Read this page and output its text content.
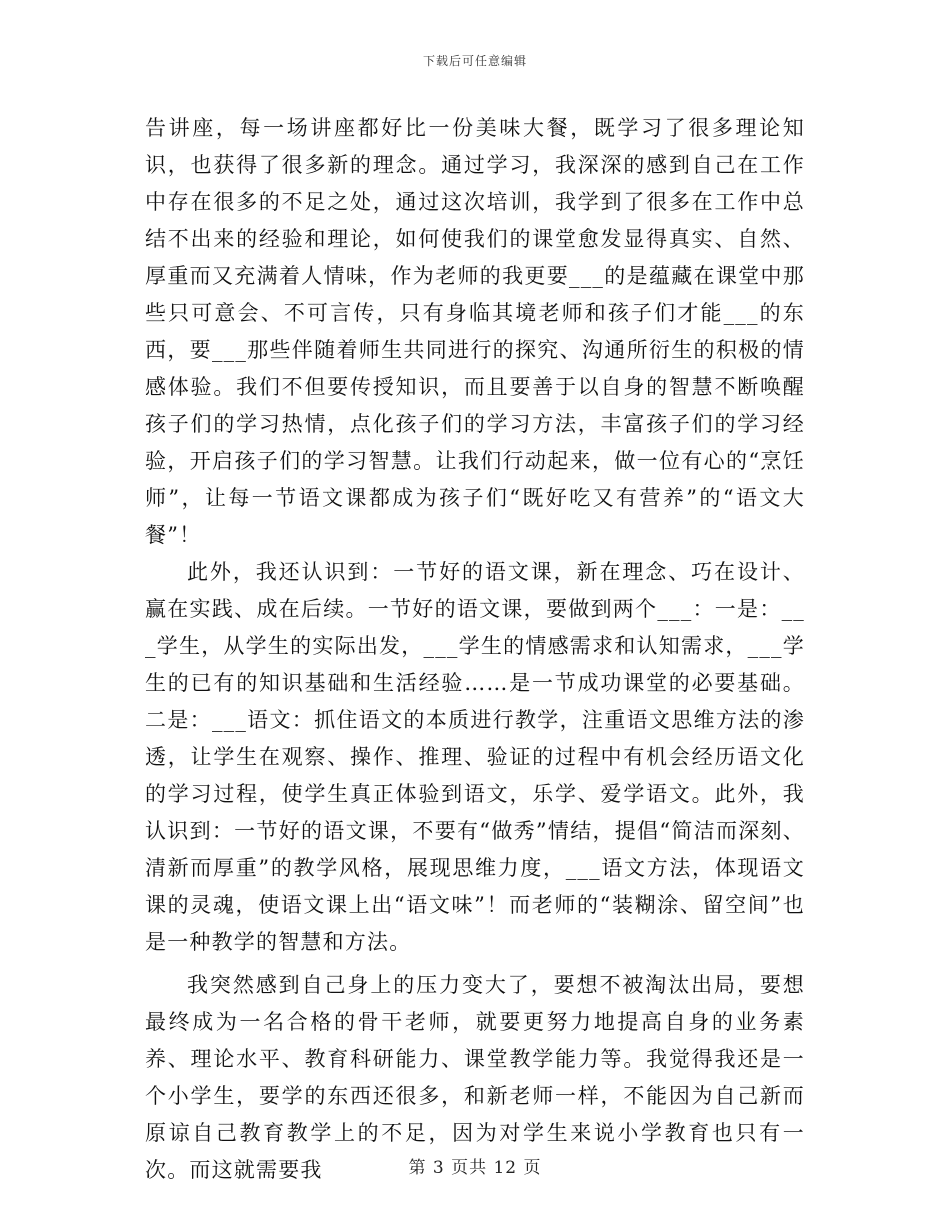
下载后可任意编辑

告讲座，每一场讲座都好比一份美味大餐，既学习了很多理论知识，也获得了很多新的理念。通过学习，我深深的感到自己在工作中存在很多的不足之处，通过这次培训，我学到了很多在工作中总结不出来的经验和理论，如何使我们的课堂愈发显得真实、自然、厚重而又充满着人情味，作为老师的我更要___的是蕴藏在课堂中那些只可意会、不可言传，只有身临其境老师和孩子们才能___的东西，要___那些伴随着师生共同进行的探究、沟通所衍生的积极的情感体验。我们不但要传授知识，而且要善于以自身的智慧不断唤醒孩子们的学习热情，点化孩子们的学习方法，丰富孩子们的学习经验，开启孩子们的学习智慧。让我们行动起来，做一位有心的“烹饪师”，让每一节语文课都成为孩子们“既好吃又有营养”的“语文大餐”！

此外，我还认识到：一节好的语文课，新在理念、巧在设计、赢在实践、成在后续。一节好的语文课，要做到两个___：一是：___学生，从学生的实际出发，___学生的情感需求和认知需求，___学生的已有的知识基础和生活经验……是一节成功课堂的必要基础。二是：___语文：抓住语文的本质进行教学，注重语文思维方法的渗透，让学生在观察、操作、推理、验证的过程中有机会经历语文化的学习过程，使学生真正体验到语文，乐学、爱学语文。此外，我认识到：一节好的语文课，不要有“做秀”情结，提倡“简洁而深刻、清新而厚重”的教学风格，展现思维力度，___语文方法，体现语文课的灵魂，使语文课上出“语文味”！而老师的“装糊涂、留空间”也是一种教学的智慧和方法。

我突然感到自己身上的压力变大了，要想不被淘汰出局，要想最终成为一名合格的骨干老师，就要更努力地提高自身的业务素养、理论水平、教育科研能力、课堂教学能力等。我觉得我还是一个小学生，要学的东西还很多，和新老师一样，不能因为自己新而原谅自己教育教学上的不足，因为对学生来说小学教育也只有一次。而这就需要我	第 3 页共 12 页
